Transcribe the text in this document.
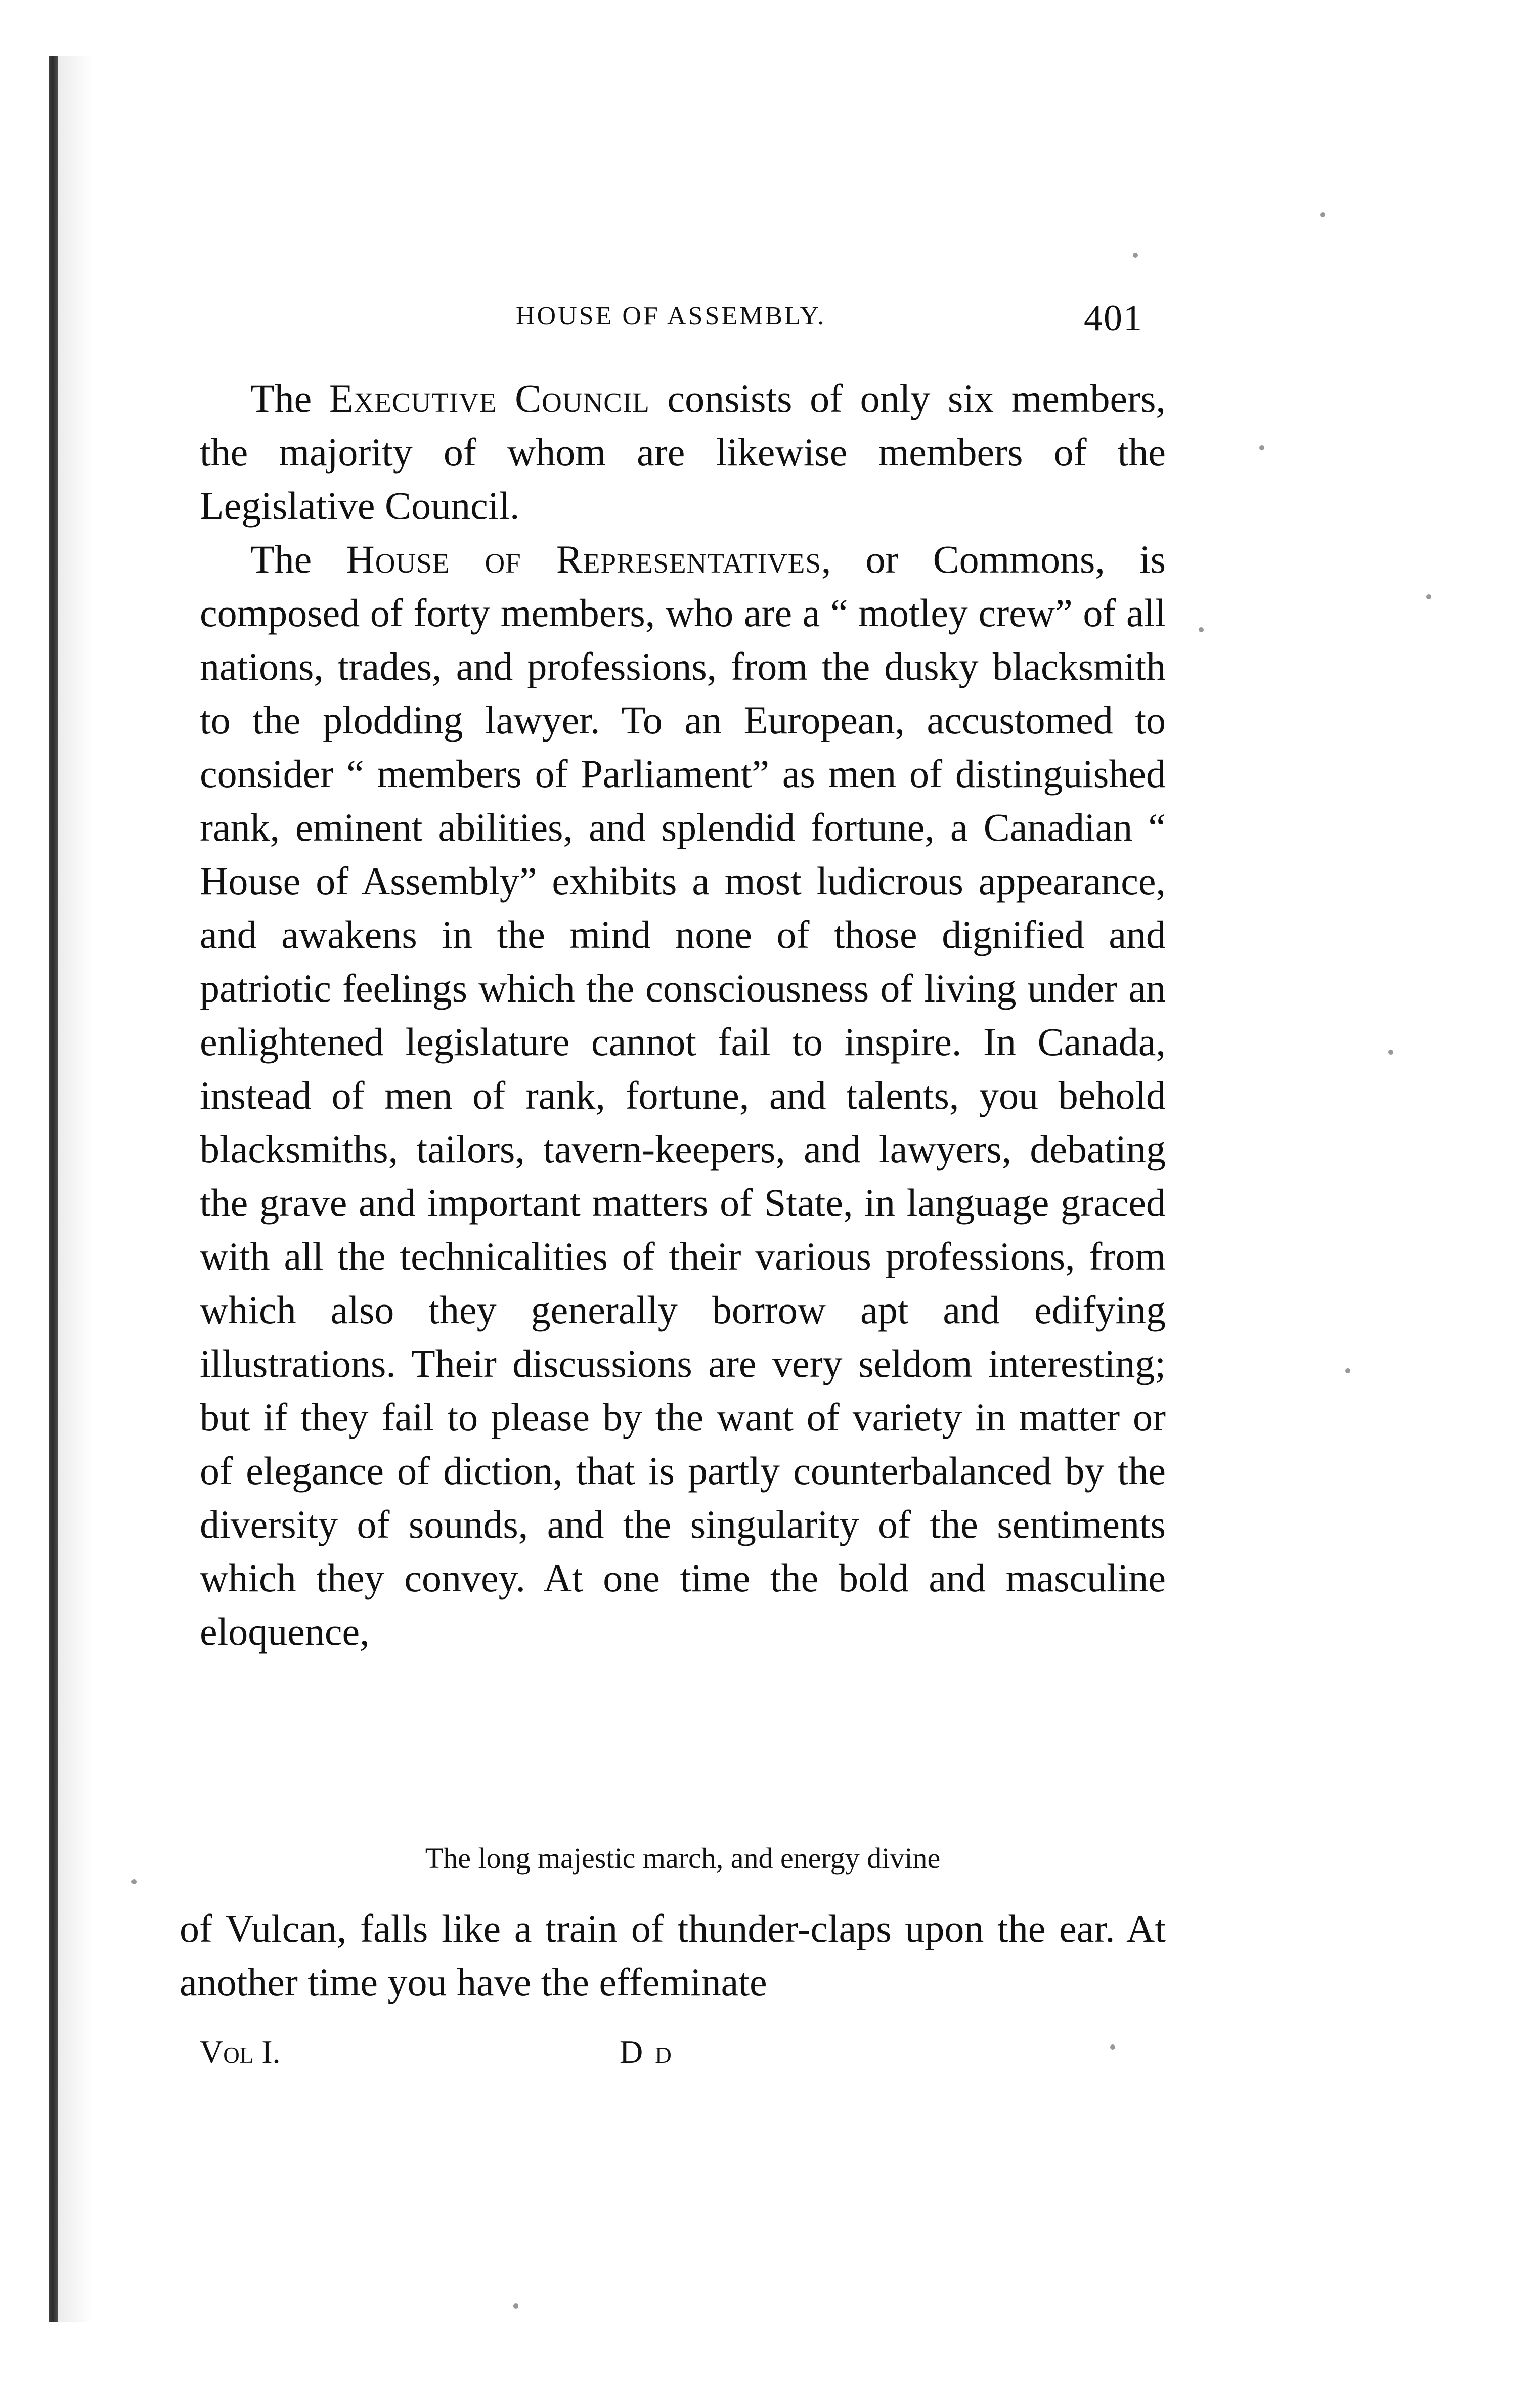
HOUSE OF ASSEMBLY.	401

The Executive Council consists of only six members, the majority of whom are likewise members of the Legislative Council.

The House of Representatives, or Commons, is composed of forty members, who are a “ motley crew” of all nations, trades, and professions, from the dusky blacksmith to the plodding lawyer. To an European, accustomed to consider “ members of Parliament” as men of distinguished rank, eminent abilities, and splendid fortune, a Canadian “ House of Assembly” exhibits a most ludicrous appearance, and awakens in the mind none of those dignified and patriotic feelings which the consciousness of living under an enlightened legislature cannot fail to inspire. In Canada, instead of men of rank, fortune, and talents, you behold blacksmiths, tailors, tavern-keepers, and lawyers, debating the grave and important matters of State, in language graced with all the technicalities of their various professions, from which also they generally borrow apt and edifying illustrations. Their discussions are very seldom interesting; but if they fail to please by the want of variety in matter or of elegance of diction, that is partly counterbalanced by the diversity of sounds, and the singularity of the sentiments which they convey. At one time the bold and masculine eloquence,

The long majestic march, and energy divine

of Vulcan, falls like a train of thunder-claps upon the ear. At another time you have the effeminate

Vol I.	D d
